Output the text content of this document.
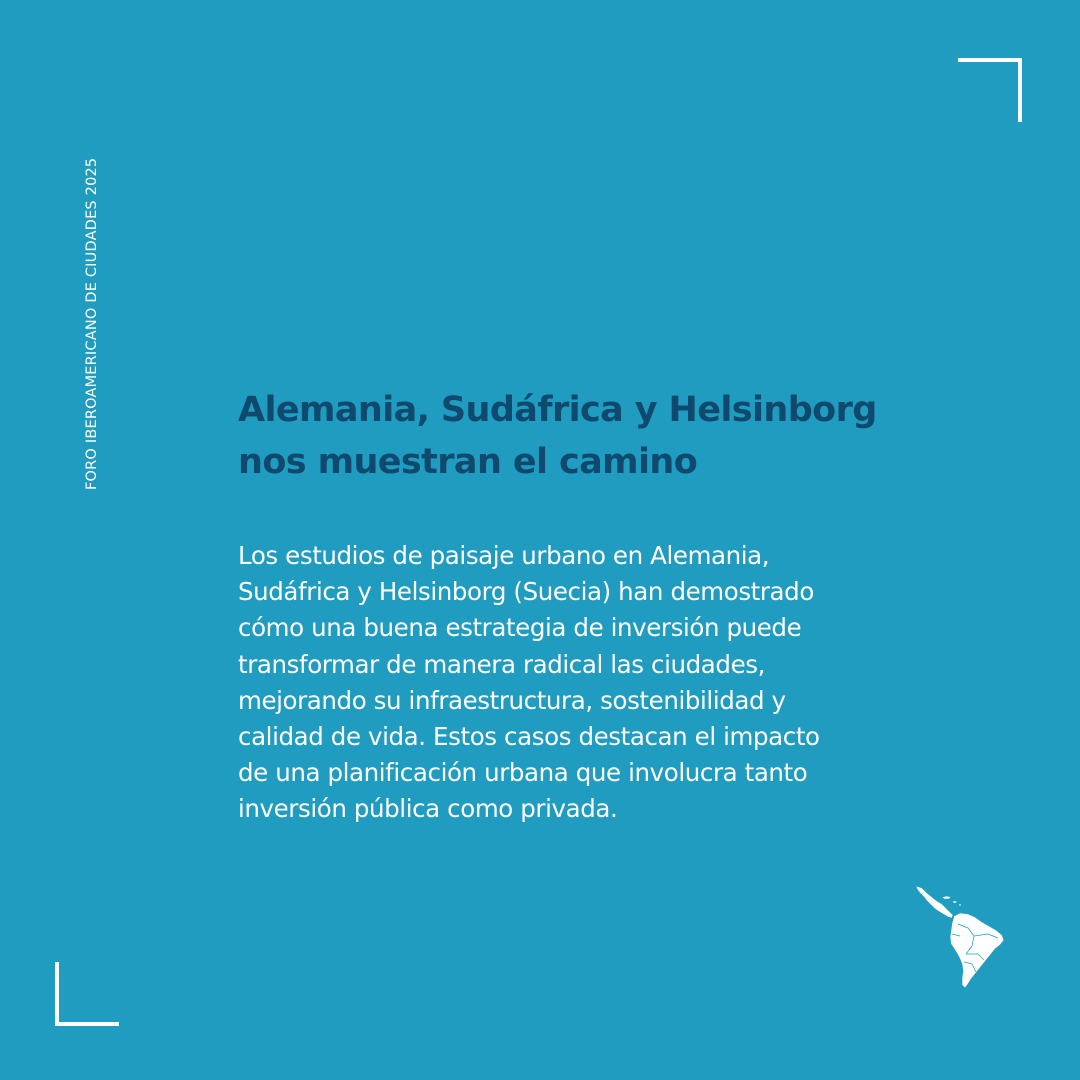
FORO IBEROAMERICANO DE CIUDADES 2025	Alemania, Sudáfrica y Helsinborg
nos muestran el camino
Los estudios de paisaje urbano en Alemania,
Sudáfrica y Helsinborg (Suecia) han demostrado
cómo una buena estrategia de inversión puede
transformar de manera radical las ciudades,
mejorando su infraestructura, sostenibilidad y
calidad de vida. Estos casos destacan el impacto
de una planificación urbana que involucra tanto
inversión pública como privada.
